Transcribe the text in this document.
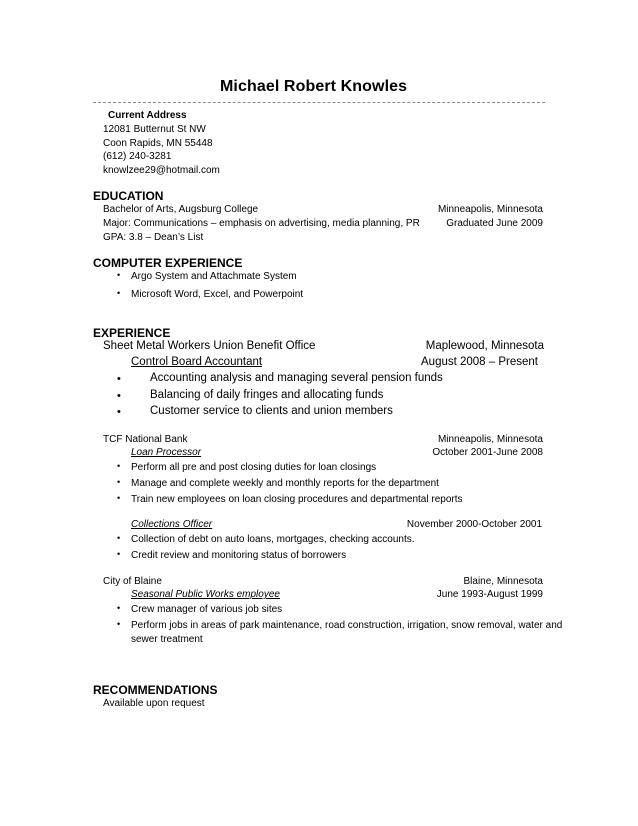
Michael Robert Knowles
Current Address
12081 Butternut St NW
Coon Rapids, MN 55448
(612) 240-3281
knowlzee29@hotmail.com
EDUCATION
Bachelor of Arts, Augsburg College	Minneapolis, Minnesota
Major: Communications – emphasis on advertising, media planning, PR	Graduated June 2009
GPA: 3.8 – Dean’s List
COMPUTER EXPERIENCE
• Argo System and Attachmate System
• Microsoft Word, Excel, and Powerpoint
EXPERIENCE
Sheet Metal Workers Union Benefit Office	Maplewood, Minnesota
Control Board Accountant	August 2008 – Present
•	Accounting analysis and managing several pension funds
•	Balancing of daily fringes and allocating funds
•	Customer service to clients and union members
TCF National Bank	Minneapolis, Minnesota
Loan Processor	October 2001-June 2008
• Perform all pre and post closing duties for loan closings
• Manage and complete weekly and monthly reports for the department
• Train new employees on loan closing procedures and departmental reports
Collections Officer	November 2000-October 2001
• Collection of debt on auto loans, mortgages, checking accounts.
• Credit review and monitoring status of borrowers
City of Blaine	Blaine, Minnesota
Seasonal Public Works employee	June 1993-August 1999
• Crew manager of various job sites
• Perform jobs in areas of park maintenance, road construction, irrigation, snow removal, water and
sewer treatment
RECOMMENDATIONS
Available upon request
